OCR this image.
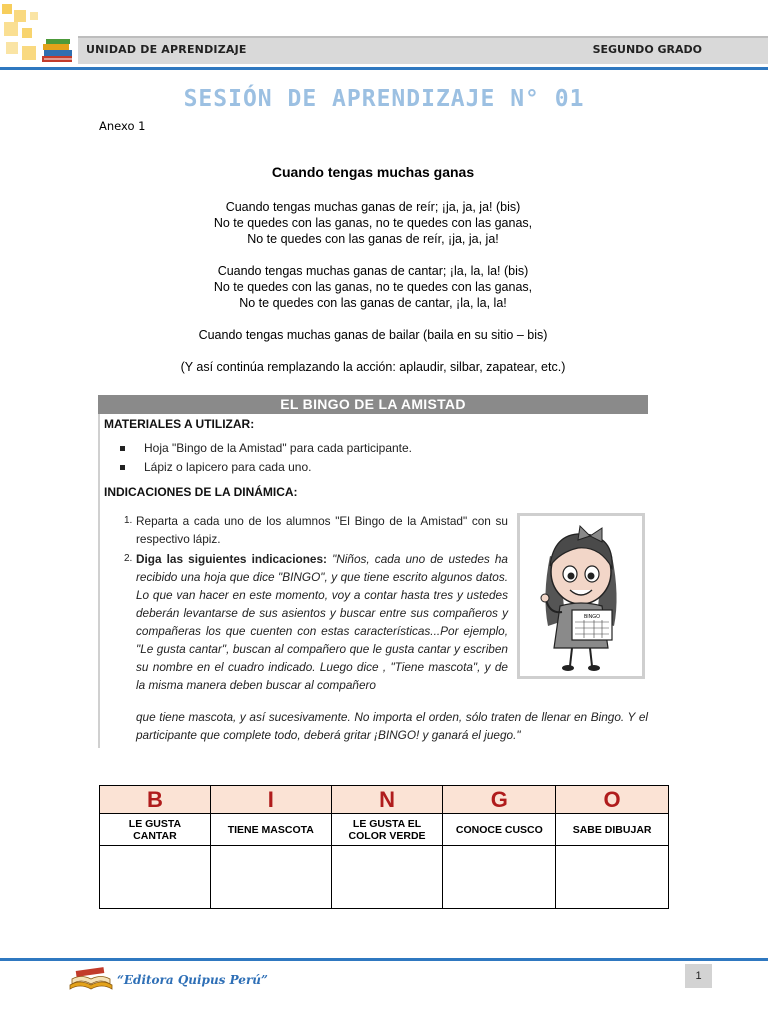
UNIDAD DE APRENDIZAJE	SEGUNDO GRADO
SESIÓN DE APRENDIZAJE N° 01
Anexo 1
Cuando tengas muchas ganas
Cuando tengas muchas ganas de reír; ¡ja, ja, ja! (bis)
No te quedes con las ganas, no te quedes con las ganas,
No te quedes con las ganas de reír, ¡ja, ja, ja!
Cuando tengas muchas ganas de cantar; ¡la, la, la! (bis)
No te quedes con las ganas, no te quedes con las ganas,
No te quedes con las ganas de cantar, ¡la, la, la!
Cuando tengas muchas ganas de bailar (baila en su sitio – bis)
(Y así continúa remplazando la acción: aplaudir, silbar, zapatear, etc.)
EL BINGO DE LA AMISTAD
MATERIALES A UTILIZAR:
Hoja "Bingo de la Amistad" para cada participante.
Lápiz o lapicero para cada uno.
INDICACIONES DE LA DINÁMICA:
1. Reparta a cada uno de los alumnos "El Bingo de la Amistad" con su respectivo lápiz.
2. Diga las siguientes indicaciones: "Niños, cada uno de ustedes ha recibido una hoja que dice "BINGO", y que tiene escrito algunos datos. Lo que van hacer en este momento, voy a contar hasta tres y ustedes deberán levantarse de sus asientos y buscar entre sus compañeros y compañeras los que cuenten con estas características...Por ejemplo, "Le gusta cantar", buscan al compañero que le gusta cantar y escriben su nombre en el cuadro indicado. Luego dice , "Tiene mascota", y de la misma manera deben buscar al compañero
que tiene mascota, y así sucesivamente. No importa el orden, sólo traten de llenar en Bingo. Y el participante que complete todo, deberá gritar ¡BINGO! y ganará el juego."
BINGO
B	I	N	G	O
LE GUSTA CANTAR	TIENE MASCOTA	LE GUSTA EL COLOR VERDE	CONOCE CUSCO	SABE DIBUJAR

“Editora Quipus Perú”	1
